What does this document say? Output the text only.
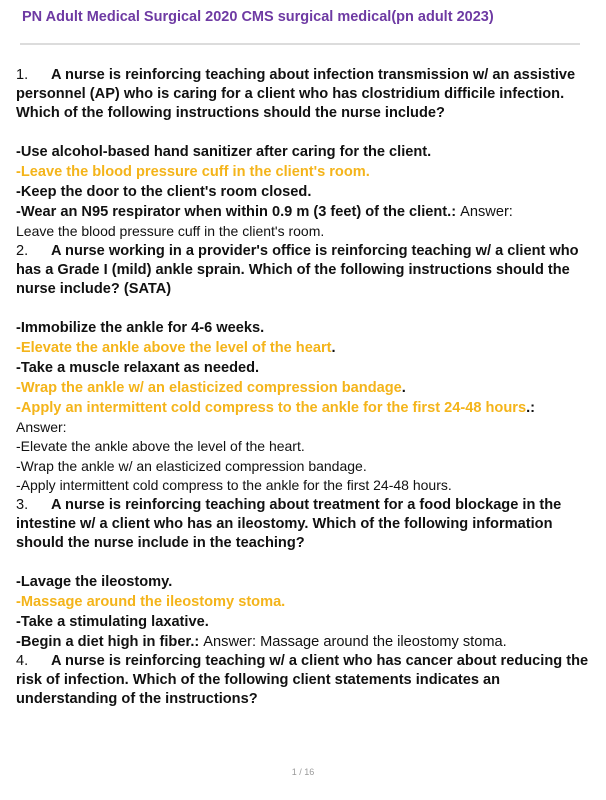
PN Adult Medical Surgical 2020 CMS surgical medical(pn adult 2023)

1. A nurse is reinforcing teaching about infection transmission w/ an assistive personnel (AP) who is caring for a client who has clostridium difficile infection. Which of the following instructions should the nurse include?

-Use alcohol-based hand sanitizer after caring for the client.
-Leave the blood pressure cuff in the client's room.
-Keep the door to the client's room closed.
-Wear an N95 respirator when within 0.9 m (3 feet) of the client.: Answer:
Leave the blood pressure cuff in the client's room.

2. A nurse working in a provider's office is reinforcing teaching w/ a client who has a Grade I (mild) ankle sprain. Which of the following instructions should the nurse include? (SATA)

-Immobilize the ankle for 4-6 weeks.
-Elevate the ankle above the level of the heart.
-Take a muscle relaxant as needed.
-Wrap the ankle w/ an elasticized compression bandage.
-Apply an intermittent cold compress to the ankle for the first 24-48 hours.:
Answer:
-Elevate the ankle above the level of the heart.
-Wrap the ankle w/ an elasticized compression bandage.
-Apply intermittent cold compress to the ankle for the first 24-48 hours.

3. A nurse is reinforcing teaching about treatment for a food blockage in the intestine w/ a client who has an ileostomy. Which of the following information should the nurse include in the teaching?

-Lavage the ileostomy.
-Massage around the ileostomy stoma.
-Take a stimulating laxative.
-Begin a diet high in fiber.: Answer: Massage around the ileostomy stoma.

4. A nurse is reinforcing teaching w/ a client who has cancer about reducing the risk of infection. Which of the following client statements indicates an understanding of the instructions?

1 / 16
